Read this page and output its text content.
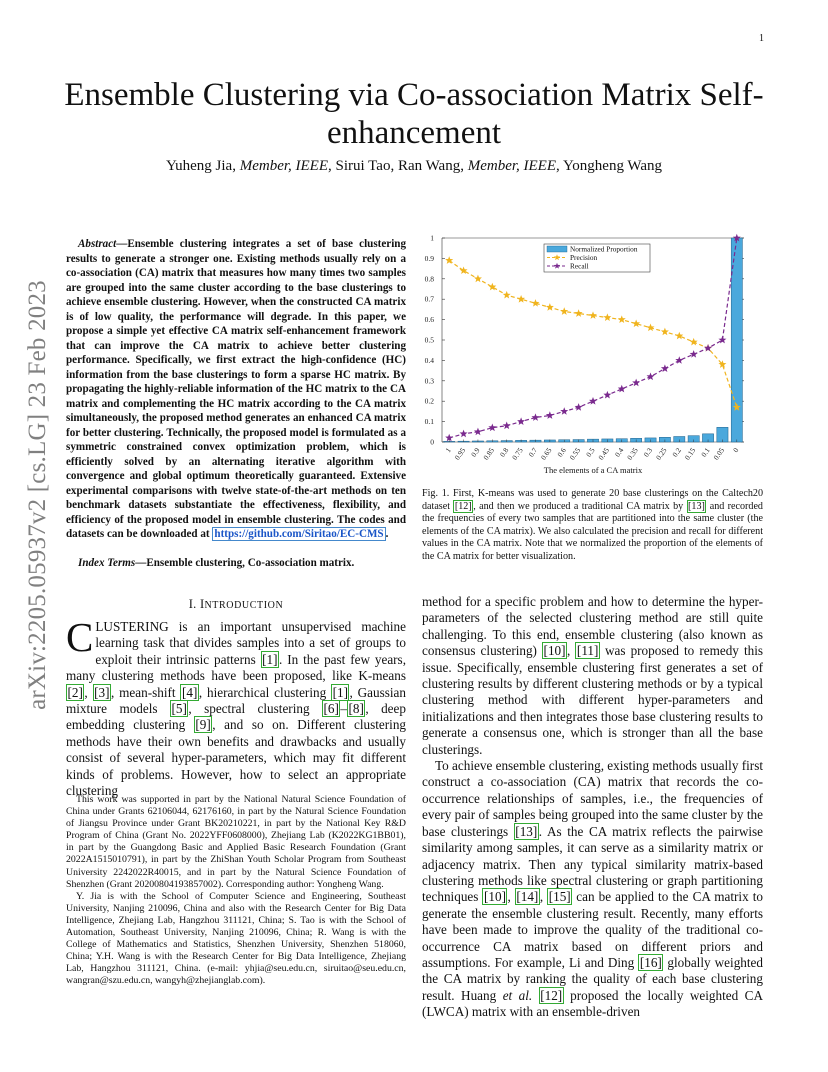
1
arXiv:2205.05937v2 [cs.LG] 23 Feb 2023
Ensemble Clustering via Co-association Matrix Self-enhancement
Yuheng Jia, Member, IEEE, Sirui Tao, Ran Wang, Member, IEEE, Yongheng Wang
Abstract—Ensemble clustering integrates a set of base clustering results to generate a stronger one. Existing methods usually rely on a co-association (CA) matrix that measures how many times two samples are grouped into the same cluster according to the base clusterings to achieve ensemble clustering. However, when the constructed CA matrix is of low quality, the performance will degrade. In this paper, we propose a simple yet effective CA matrix self-enhancement framework that can improve the CA matrix to achieve better clustering performance. Specifically, we first extract the high-confidence (HC) information from the base clusterings to form a sparse HC matrix. By propagating the highly-reliable information of the HC matrix to the CA matrix and complementing the HC matrix according to the CA matrix simultaneously, the proposed method generates an enhanced CA matrix for better clustering. Technically, the proposed model is formulated as a symmetric constrained convex optimization problem, which is efficiently solved by an alternating iterative algorithm with convergence and global optimum theoretically guaranteed. Extensive experimental comparisons with twelve state-of-the-art methods on ten benchmark datasets substantiate the effectiveness, flexibility, and efficiency of the proposed model in ensemble clustering. The codes and datasets can be downloaded at https://github.com/Siritao/EC-CMS .
Index Terms—Ensemble clustering, Co-association matrix.
I. INTRODUCTION
CLUSTERING is an important unsupervised machine learning task that divides samples into a set of groups to exploit their intrinsic patterns [1] . In the past few years, many clustering methods have been proposed, like K-means [2] , [3] , mean-shift [4] , hierarchical clustering [1] , Gaussian mixture models [5] , spectral clustering [6] – [8] , deep embedding clustering [9] , and so on. Different clustering methods have their own benefits and drawbacks and usually consist of several hyper-parameters, which may fit different kinds of problems. However, how to select an appropriate clustering

This work was supported in part by the National Natural Science Foundation of China under Grants 62106044, 62176160, in part by the Natural Science Foundation of Jiangsu Province under Grant BK20210221, in part by the National Key R&D Program of China (Grant No. 2022YFF0608000), Zhejiang Lab (K2022KG1BB01), in part by the Guangdong Basic and Applied Basic Research Foundation (Grant 2022A1515010791), in part by the ZhiShan Youth Scholar Program from Southeast University 2242022R40015, and in part by the Natural Science Foundation of Shenzhen (Grant 20200804193857002). Corresponding author: Yongheng Wang.

Y. Jia is with the School of Computer Science and Engineering, Southeast University, Nanjing 210096, China and also with the Research Center for Big Data Intelligence, Zhejiang Lab, Hangzhou 311121, China; S. Tao is with the School of Automation, Southeast University, Nanjing 210096, China; R. Wang is with the College of Mathematics and Statistics, Shenzhen University, Shenzhen 518060, China; Y.H. Wang is with the Research Center for Big Data Intelligence, Zhejiang Lab, Hangzhou 311121, China. (e-mail: yhjia@seu.edu.cn, siruitao@seu.edu.cn, wangran@szu.edu.cn, wangyh@zhejianglab.com).

0
0.1
0.2
0.3
0.4
0.5
0.6
0.7
0.8
0.9
1
1 0.95 0.9 0.85 0.8 0.75 0.7 0.65 0.6 0.55 0.5 0.45 0.4 0.35 0.3 0.25 0.2 0.15 0.1 0.05 0
Normalized Proportion
Precision
Recall
The elements of a CA matrix
Fig. 1. First, K-means was used to generate 20 base clusterings on the Caltech20 dataset [12] , and then we produced a traditional CA matrix by [13] and recorded the frequencies of every two samples that are partitioned into the same cluster (the elements of the CA matrix). We also calculated the precision and recall for different values in the CA matrix. Note that we normalized the proportion of the elements of the CA matrix for better visualization.

method for a specific problem and how to determine the hyper-parameters of the selected clustering method are still quite challenging. To this end, ensemble clustering (also known as consensus clustering) [10] , [11] was proposed to remedy this issue. Specifically, ensemble clustering first generates a set of clustering results by different clustering methods or by a typical clustering method with different hyper-parameters and initializations and then integrates those base clustering results to generate a consensus one, which is stronger than all the base clusterings.

To achieve ensemble clustering, existing methods usually first construct a co-association (CA) matrix that records the co-occurrence relationships of samples, i.e., the frequencies of every pair of samples being grouped into the same cluster by the base clusterings [13] . As the CA matrix reflects the pairwise similarity among samples, it can serve as a similarity matrix or adjacency matrix. Then any typical similarity matrix-based clustering methods like spectral clustering or graph partitioning techniques [10] , [14] , [15] can be applied to the CA matrix to generate the ensemble clustering result. Recently, many efforts have been made to improve the quality of the traditional co-occurrence CA matrix based on different priors and assumptions. For example, Li and Ding [16] globally weighted the CA matrix by ranking the quality of each base clustering result. Huang et al. [12] proposed the locally weighted CA (LWCA) matrix with an ensemble-driven
